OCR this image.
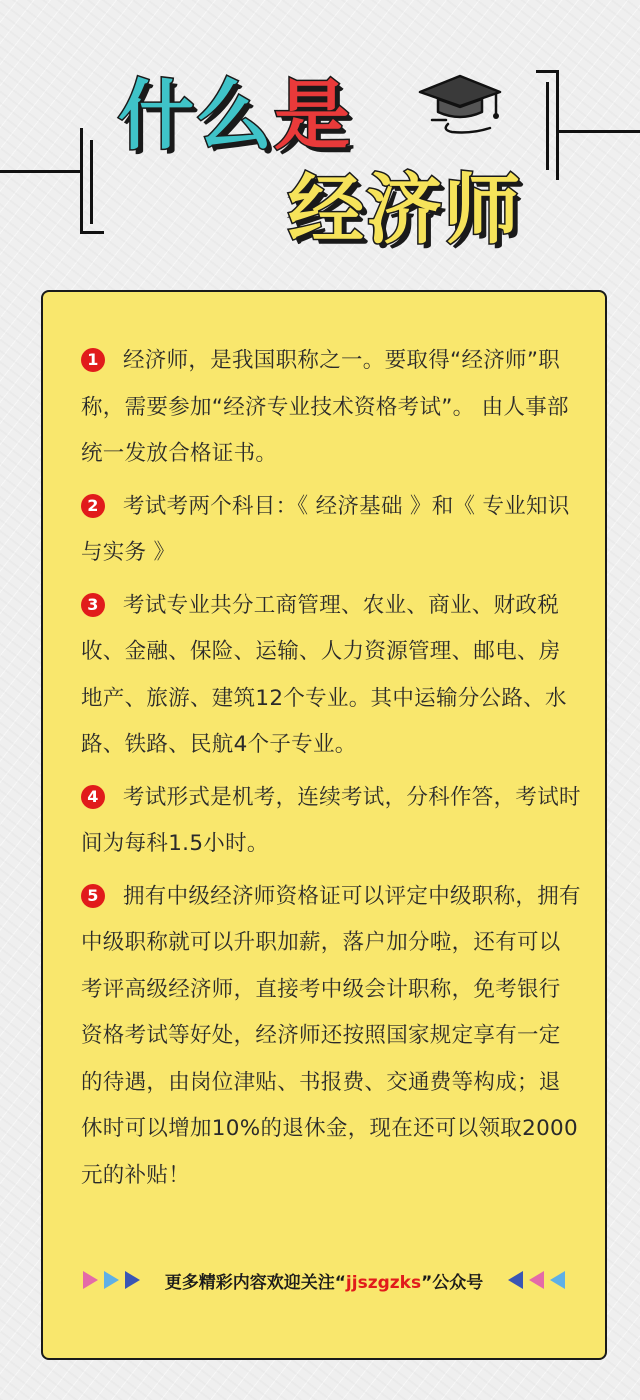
什么是
经济师
1 经济师，是我国职称之一。要取得“经济师”职称，需要参加“经济专业技术资格考试”。 由人事部统一发放合格证书。
2 考试考两个科目：《 经济基础 》和《 专业知识与实务 》
3 考试专业共分工商管理、农业、商业、财政税收、金融、保险、运输、人力资源管理、邮电、房地产、旅游、建筑12个专业。其中运输分公路、水路、铁路、民航4个子专业。
4 考试形式是机考，连续考试，分科作答，考试时间为每科1.5小时。
5 拥有中级经济师资格证可以评定中级职称，拥有中级职称就可以升职加薪，落户加分啦，还有可以考评高级经济师，直接考中级会计职称，免考银行资格考试等好处，经济师还按照国家规定享有一定的待遇，由岗位津贴、书报费、交通费等构成；退休时可以增加10%的退休金，现在还可以领取2000元的补贴！
更多精彩内容欢迎关注“jjszgzks”公众号
